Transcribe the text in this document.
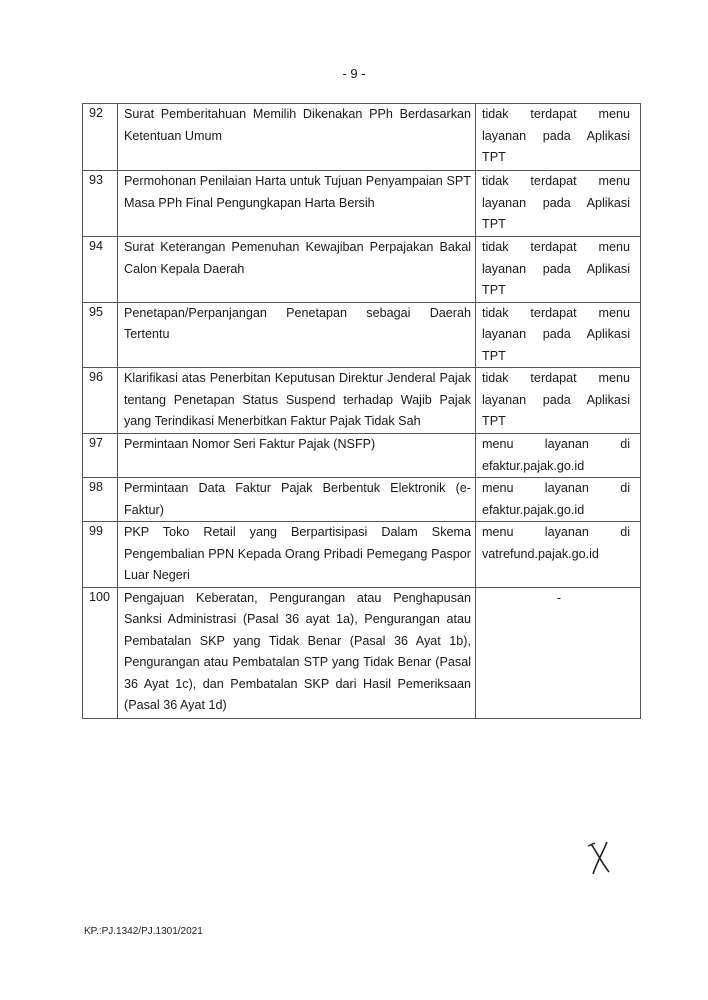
- 9 -
92	Surat Pemberitahuan Memilih Dikenakan PPh Berdasarkan Ketentuan Umum	tidak terdapat menu layanan pada Aplikasi TPT
93	Permohonan Penilaian Harta untuk Tujuan Penyampaian SPT Masa PPh Final Pengungkapan Harta Bersih	tidak terdapat menu layanan pada Aplikasi TPT
94	Surat Keterangan Pemenuhan Kewajiban Perpajakan Bakal Calon Kepala Daerah	tidak terdapat menu layanan pada Aplikasi TPT
95	Penetapan/Perpanjangan Penetapan sebagai Daerah Tertentu	tidak terdapat menu layanan pada Aplikasi TPT
96	Klarifikasi atas Penerbitan Keputusan Direktur Jenderal Pajak tentang Penetapan Status Suspend terhadap Wajib Pajak yang Terindikasi Menerbitkan Faktur Pajak Tidak Sah	tidak terdapat menu layanan pada Aplikasi TPT
97	Permintaan Nomor Seri Faktur Pajak (NSFP)	menu layanan di
efaktur.pajak.go.id

98	Permintaan Data Faktur Pajak Berbentuk Elektronik (e-Faktur)	menu layanan di
efaktur.pajak.go.id

99	PKP Toko Retail yang Berpartisipasi Dalam Skema Pengembalian PPN Kepada Orang Pribadi Pemegang Paspor Luar Negeri	menu layanan di
vatrefund.pajak.go.id

100	Pengajuan Keberatan, Pengurangan atau Penghapusan Sanksi Administrasi (Pasal 36 ayat 1a), Pengurangan atau Pembatalan SKP yang Tidak Benar (Pasal 36 Ayat 1b), Pengurangan atau Pembatalan STP yang Tidak Benar (Pasal 36 Ayat 1c), dan Pembatalan SKP dari Hasil Pemeriksaan (Pasal 36 Ayat 1d)	-
KP.:PJ.1342/PJ.1301/2021
